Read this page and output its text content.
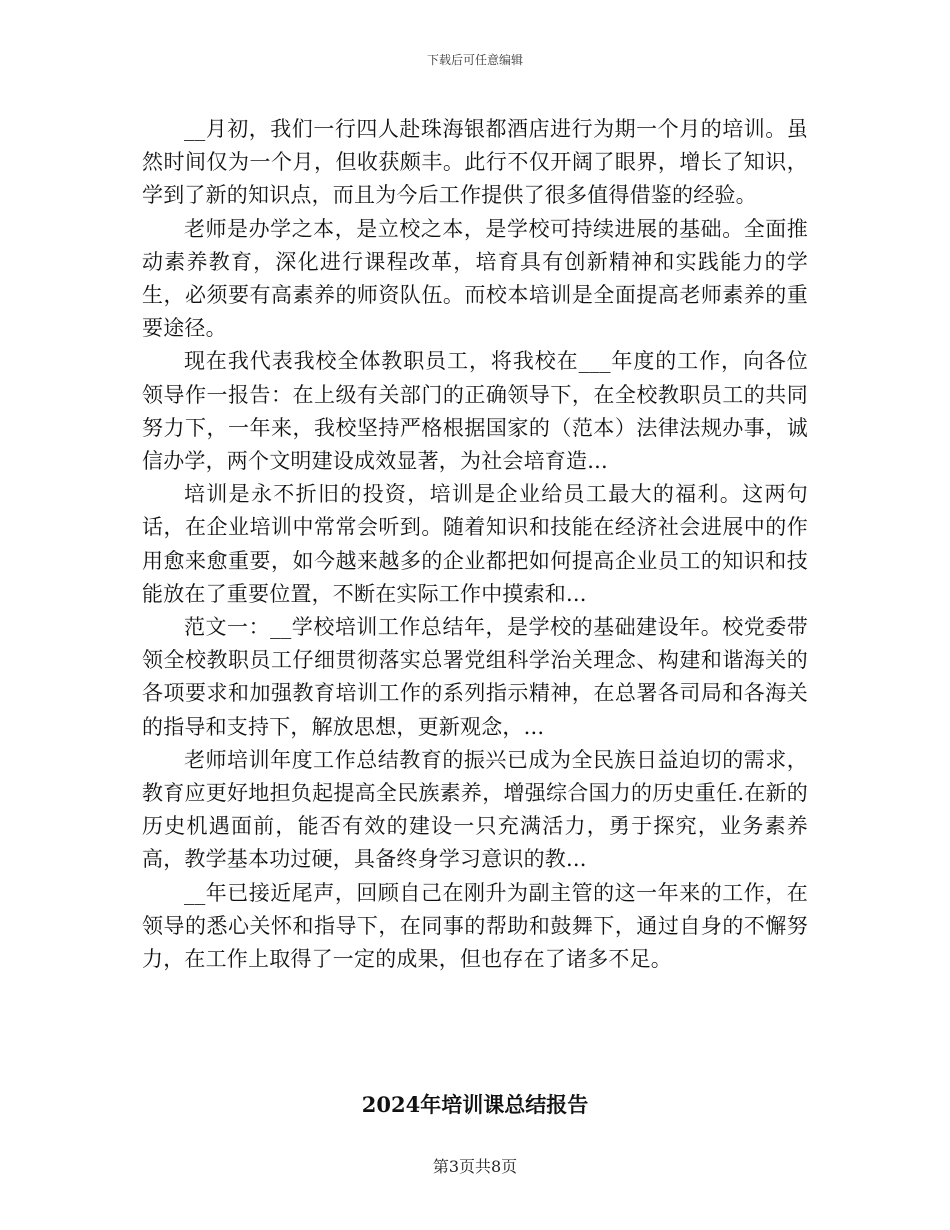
下载后可任意编辑

__月初，我们一行四人赴珠海银都酒店进行为期一个月的培训。虽然时间仅为一个月，但收获颇丰。此行不仅开阔了眼界，增长了知识，学到了新的知识点，而且为今后工作提供了很多值得借鉴的经验。

老师是办学之本，是立校之本，是学校可持续进展的基础。全面推动素养教育，深化进行课程改革，培育具有创新精神和实践能力的学生，必须要有高素养的师资队伍。而校本培训是全面提高老师素养的重要途径。

现在我代表我校全体教职员工，将我校在___年度的工作，向各位领导作一报告：在上级有关部门的正确领导下，在全校教职员工的共同努力下，一年来，我校坚持严格根据国家的（范本）法律法规办事，诚信办学，两个文明建设成效显著，为社会培育造...

培训是永不折旧的投资，培训是企业给员工最大的福利。这两句话，在企业培训中常常会听到。随着知识和技能在经济社会进展中的作用愈来愈重要，如今越来越多的企业都把如何提高企业员工的知识和技能放在了重要位置，不断在实际工作中摸索和...

范文一：__学校培训工作总结年，是学校的基础建设年。校党委带领全校教职员工仔细贯彻落实总署党组科学治关理念、构建和谐海关的各项要求和加强教育培训工作的系列指示精神，在总署各司局和各海关的指导和支持下，解放思想，更新观念，...

老师培训年度工作总结教育的振兴已成为全民族日益迫切的需求，教育应更好地担负起提高全民族素养，增强综合国力的历史重任.在新的历史机遇面前，能否有效的建设一只充满活力，勇于探究，业务素养高，教学基本功过硬，具备终身学习意识的教...

__年已接近尾声，回顾自己在刚升为副主管的这一年来的工作，在领导的悉心关怀和指导下，在同事的帮助和鼓舞下，通过自身的不懈努力，在工作上取得了一定的成果，但也存在了诸多不足。

2024年培训课总结报告
第3页共8页
